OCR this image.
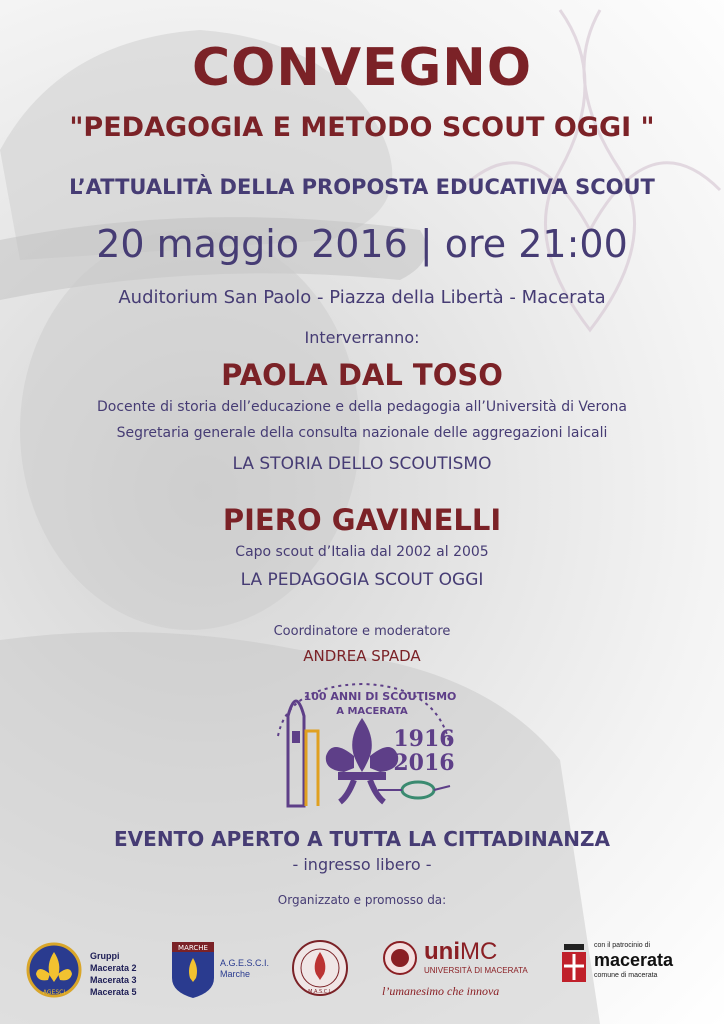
CONVEGNO
"PEDAGOGIA E METODO SCOUT OGGI "
L’ATTUALITÀ DELLA PROPOSTA EDUCATIVA SCOUT
20 maggio 2016 | ore 21:00
Auditorium San Paolo - Piazza della Libertà - Macerata
Interverranno:
PAOLA DAL TOSO
Docente di storia dell’educazione e della pedagogia all’Università di Verona
Segretaria generale della consulta nazionale delle aggregazioni laicali
LA STORIA DELLO SCOUTISMO
PIERO GAVINELLI
Capo scout d’Italia dal 2002 al 2005
LA PEDAGOGIA SCOUT OGGI
Coordinatore e moderatore
ANDREA SPADA
100 ANNI DI SCOUTISMO
A MACERATA
1916
2016
EVENTO APERTO A TUTTA LA CITTADINANZA
- ingresso libero -
Organizzato e promosso da:
AGESCI
Gruppi
Macerata 2
Macerata 3
Macerata 5
MARCHE
A.G.E.S.C.I.
Marche
M.A.S.C.I.
uniMC
UNIVERSITÀ DI MACERATA
l’umanesimo che innova
con il patrocinio di
macerata
comune di macerata
